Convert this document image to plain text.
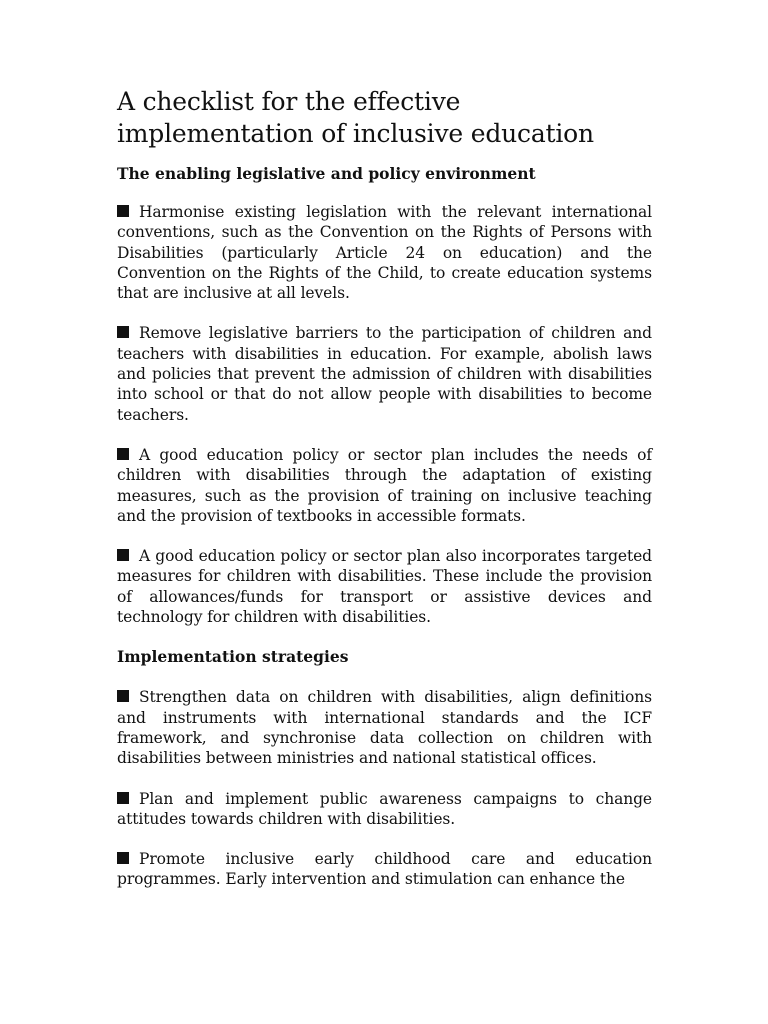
A checklist for the effective implementation of inclusive education
The enabling legislative and policy environment

Harmonise existing legislation with the relevant international conventions, such as the Convention on the Rights of Persons with Disabilities (particularly Article 24 on education) and the Convention on the Rights of the Child, to create education systems that are inclusive at all levels.

Remove legislative barriers to the participation of children and teachers with disabilities in education. For example, abolish laws and policies that prevent the admission of children with disabilities into school or that do not allow people with disabilities to become teachers.

A good education policy or sector plan includes the needs of children with disabilities through the adaptation of existing measures, such as the provision of training on inclusive teaching and the provision of textbooks in accessible formats.

A good education policy or sector plan also incorporates targeted measures for children with disabilities. These include the provision of allowances/funds for transport or assistive devices and technology for children with disabilities.

Implementation strategies

Strengthen data on children with disabilities, align definitions and instruments with international standards and the ICF framework, and synchronise data collection on children with disabilities between ministries and national statistical offices.

Plan and implement public awareness campaigns to change attitudes towards children with disabilities.

Promote inclusive early childhood care and education programmes. Early intervention and stimulation can enhance the
